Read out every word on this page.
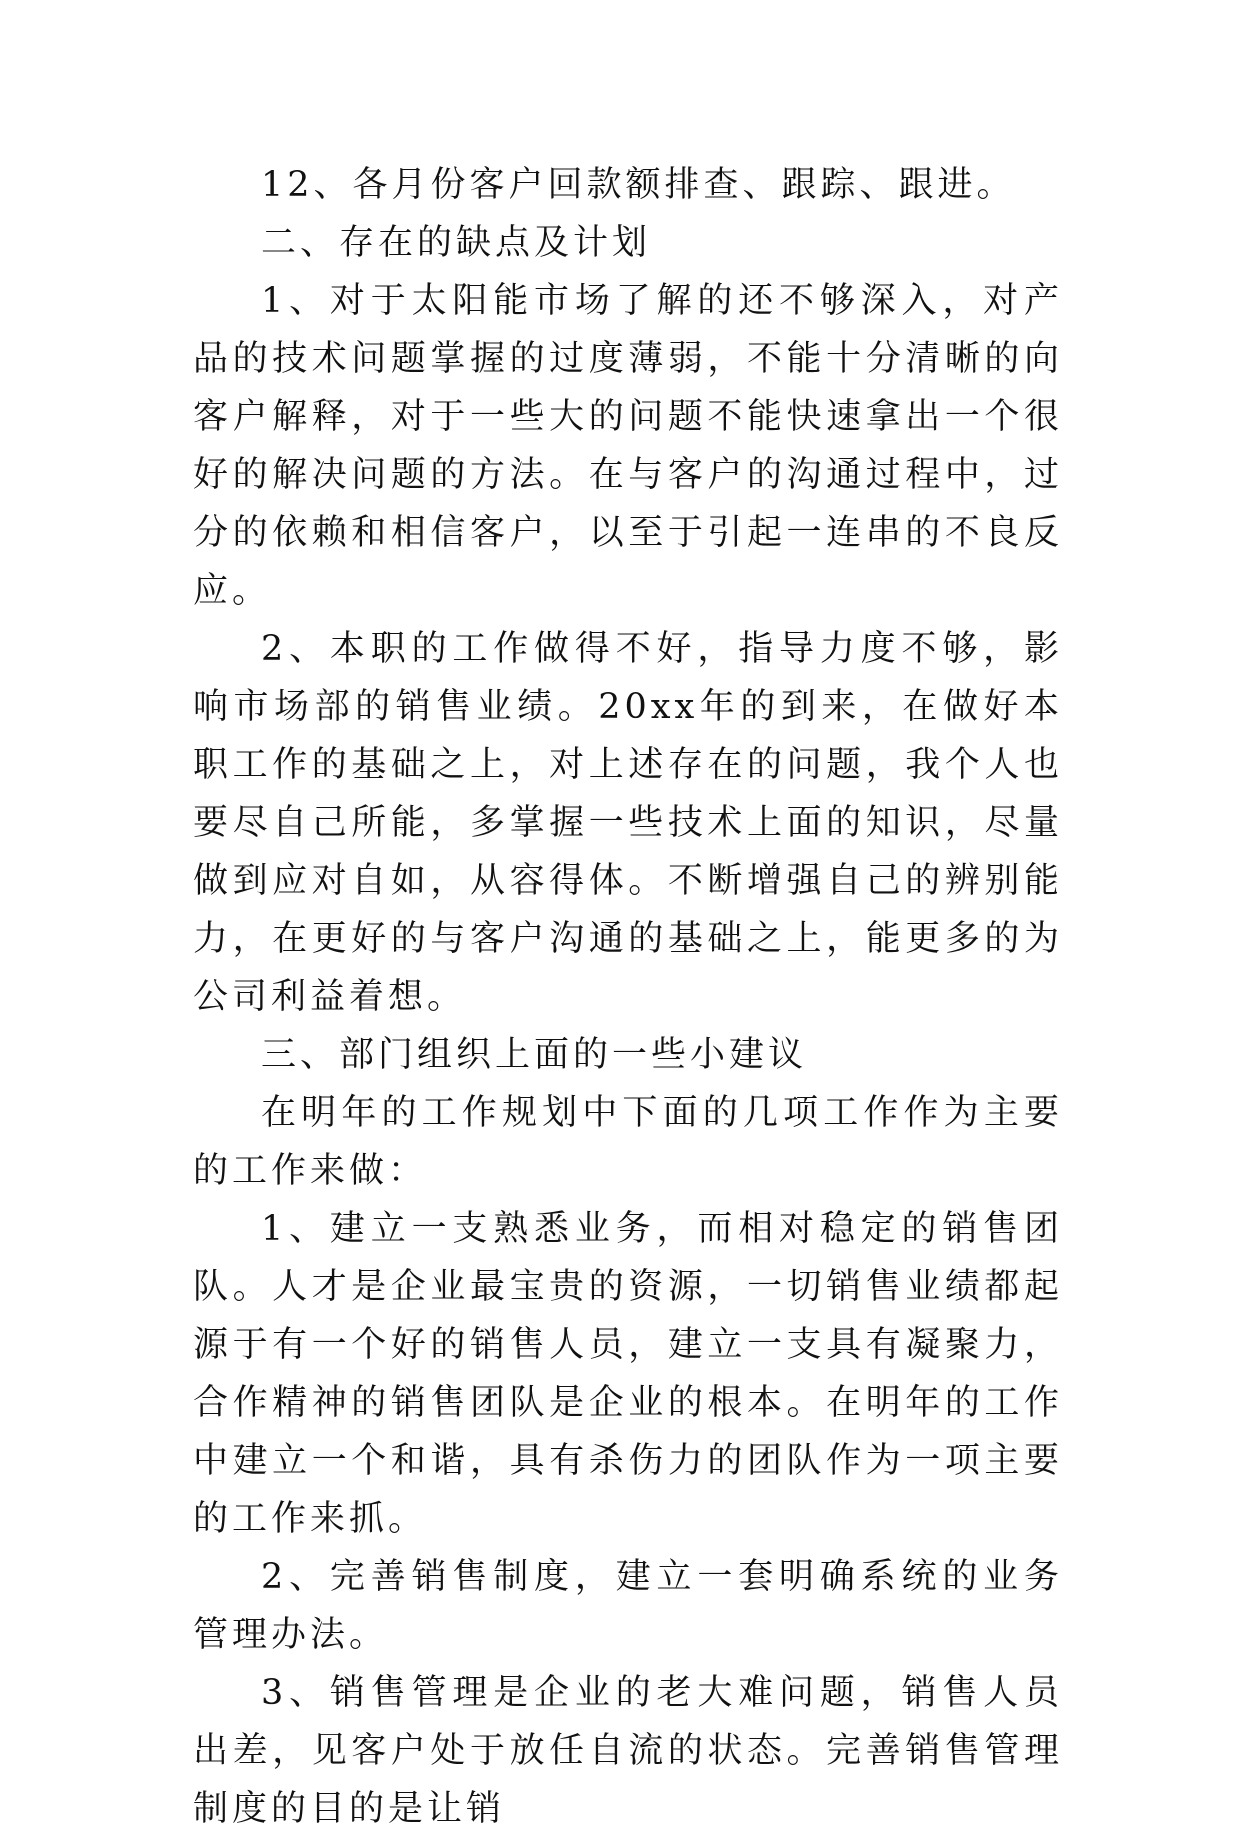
12、各月份客户回款额排查、跟踪、跟进。

二、存在的缺点及计划

1、对于太阳能市场了解的还不够深入，对产品的技术问题掌握的过度薄弱，不能十分清晰的向客户解释，对于一些大的问题不能快速拿出一个很好的解决问题的方法。在与客户的沟通过程中，过分的依赖和相信客户，以至于引起一连串的不良反应。

2、本职的工作做得不好，指导力度不够，影响市场部的销售业绩。20xx年的到来，在做好本职工作的基础之上，对上述存在的问题，我个人也要尽自己所能，多掌握一些技术上面的知识，尽量做到应对自如，从容得体。不断增强自己的辨别能力，在更好的与客户沟通的基础之上，能更多的为公司利益着想。

三、部门组织上面的一些小建议

在明年的工作规划中下面的几项工作作为主要的工作来做：

1、建立一支熟悉业务，而相对稳定的销售团队。人才是企业最宝贵的资源，一切销售业绩都起源于有一个好的销售人员，建立一支具有凝聚力，合作精神的销售团队是企业的根本。在明年的工作中建立一个和谐，具有杀伤力的团队作为一项主要的工作来抓。

2、完善销售制度，建立一套明确系统的业务管理办法。

3、销售管理是企业的老大难问题，销售人员出差，见客户处于放任自流的状态。完善销售管理制度的目的是让销
